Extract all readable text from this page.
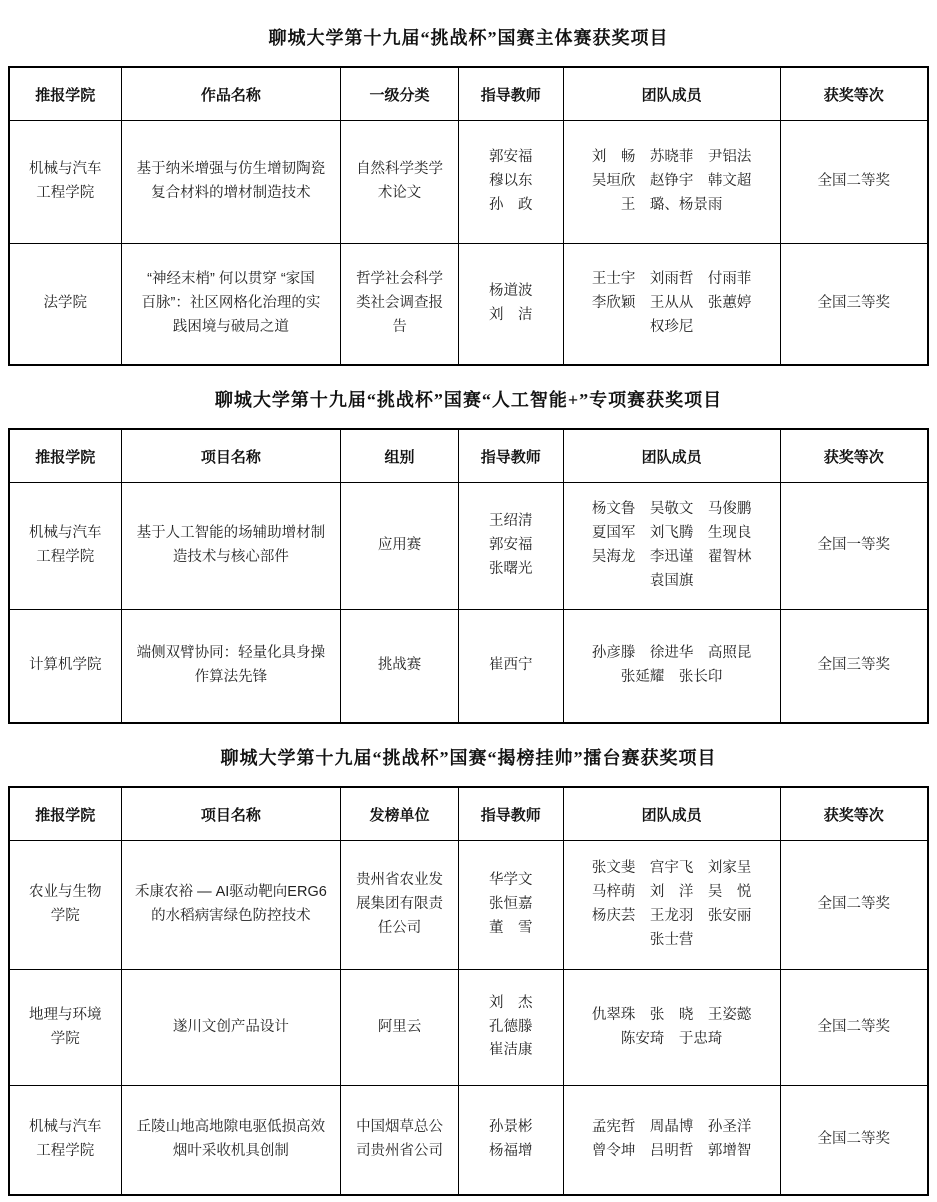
聊城大学第十九届“挑战杯”国赛主体赛获奖项目
推报学院	作品名称	一级分类	指导教师	团队成员	获奖等次
机械与汽车
工程学院	基于纳米增强与仿生增韧陶瓷
复合材料的增材制造技术	自然科学类学
术论文	郭安福
穆以东
孙　政	刘　畅　苏晓菲　尹铝法
吴垣欣　赵铮宇　韩文超
王　璐、杨景雨	全国二等奖
法学院	“神经末梢” 何以贯穿 “家国
百脉”：社区网格化治理的实
践困境与破局之道	哲学社会科学
类社会调查报
告	杨道波
刘　洁	王士宇　刘雨哲　付雨菲
李欣颖　王从从　张蕙婷
权珍尼	全国三等奖
聊城大学第十九届“挑战杯”国赛“人工智能+”专项赛获奖项目
推报学院	项目名称	组别	指导教师	团队成员	获奖等次
机械与汽车
工程学院	基于人工智能的场辅助增材制
造技术与核心部件	应用赛	王绍清
郭安福
张曙光	杨文鲁　吴敬文　马俊鹏
夏国军　刘飞腾　生现良
吴海龙　李迅谨　翟智林
袁国旗	全国一等奖
计算机学院	端侧双臂协同：轻量化具身操
作算法先锋	挑战赛	崔西宁	孙彦滕　徐进华　高照昆
张延耀　张长印	全国三等奖
聊城大学第十九届“挑战杯”国赛“揭榜挂帅”擂台赛获奖项目
推报学院	项目名称	发榜单位	指导教师	团队成员	获奖等次
农业与生物
学院	禾康农裕 — AI驱动靶向ERG6
的水稻病害绿色防控技术	贵州省农业发
展集团有限责
任公司	华学文
张恒嘉
董　雪	张文斐　宫宇飞　刘家呈
马梓萌　刘　洋　吴　悦
杨庆芸　王龙羽　张安丽
张士营	全国二等奖
地理与环境
学院	遂川文创产品设计	阿里云	刘　杰
孔德滕
崔洁康	仇翠珠　张　晓　王姿懿
陈安琦　于忠琦	全国二等奖
机械与汽车
工程学院	丘陵山地高地隙电驱低损高效
烟叶采收机具创制	中国烟草总公
司贵州省公司	孙景彬
杨福增	孟宪哲　周晶博　孙圣洋
曾令坤　吕明哲　郭增智	全国二等奖
